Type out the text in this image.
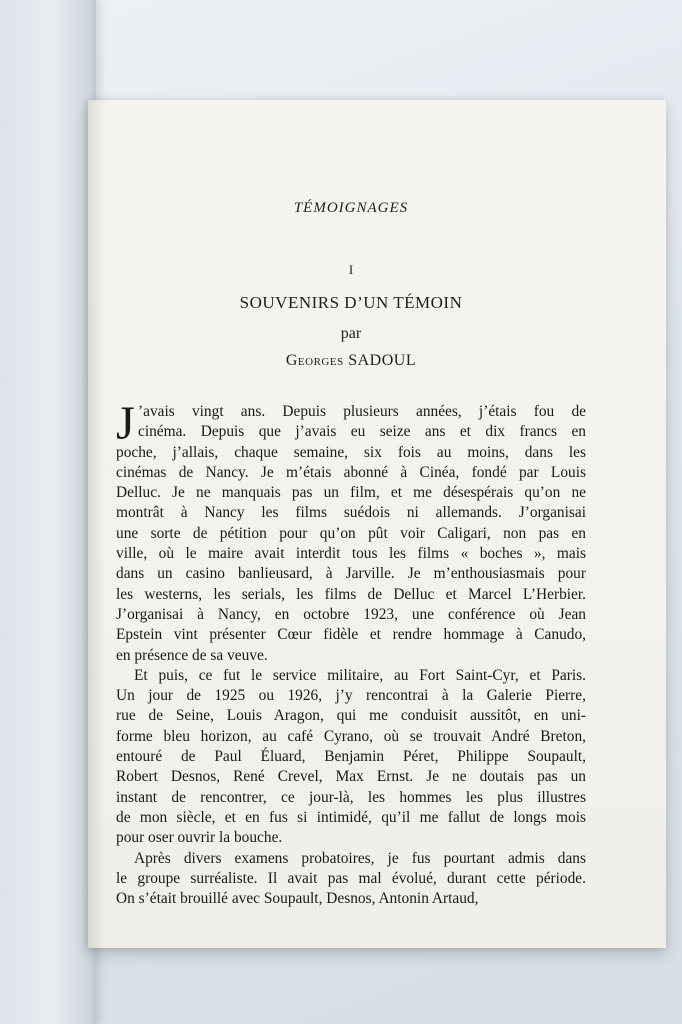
TÉMOIGNAGES
I
SOUVENIRS D’UN TÉMOIN
par
Georges SADOUL
J ’avais vingt ans. Depuis plusieurs années, j’étais fou de
cinéma. Depuis que j’avais eu seize ans et dix francs en
poche, j’allais, chaque semaine, six fois au moins, dans les
cinémas de Nancy. Je m’étais abonné à Cinéa, fondé par Louis
Delluc. Je ne manquais pas un film, et me désespérais qu’on ne
montrât à Nancy les films suédois ni allemands. J’organisai
une sorte de pétition pour qu’on pût voir Caligari, non pas en
ville, où le maire avait interdit tous les films « boches », mais
dans un casino banlieusard, à Jarville. Je m’enthousiasmais pour
les westerns, les serials, les films de Delluc et Marcel L’Herbier.
J’organisai à Nancy, en octobre 1923, une conférence où Jean
Epstein vint présenter Cœur fidèle et rendre hommage à Canudo,
en présence de sa veuve.
Et puis, ce fut le service militaire, au Fort Saint-Cyr, et Paris.
Un jour de 1925 ou 1926, j’y rencontrai à la Galerie Pierre,
rue de Seine, Louis Aragon, qui me conduisit aussitôt, en uni-
forme bleu horizon, au café Cyrano, où se trouvait André Breton,
entouré de Paul Éluard, Benjamin Péret, Philippe Soupault,
Robert Desnos, René Crevel, Max Ernst. Je ne doutais pas un
instant de rencontrer, ce jour-là, les hommes les plus illustres
de mon siècle, et en fus si intimidé, qu’il me fallut de longs mois
pour oser ouvrir la bouche.
Après divers examens probatoires, je fus pourtant admis dans
le groupe surréaliste. Il avait pas mal évolué, durant cette période.
On s’était brouillé avec Soupault, Desnos, Antonin Artaud,
